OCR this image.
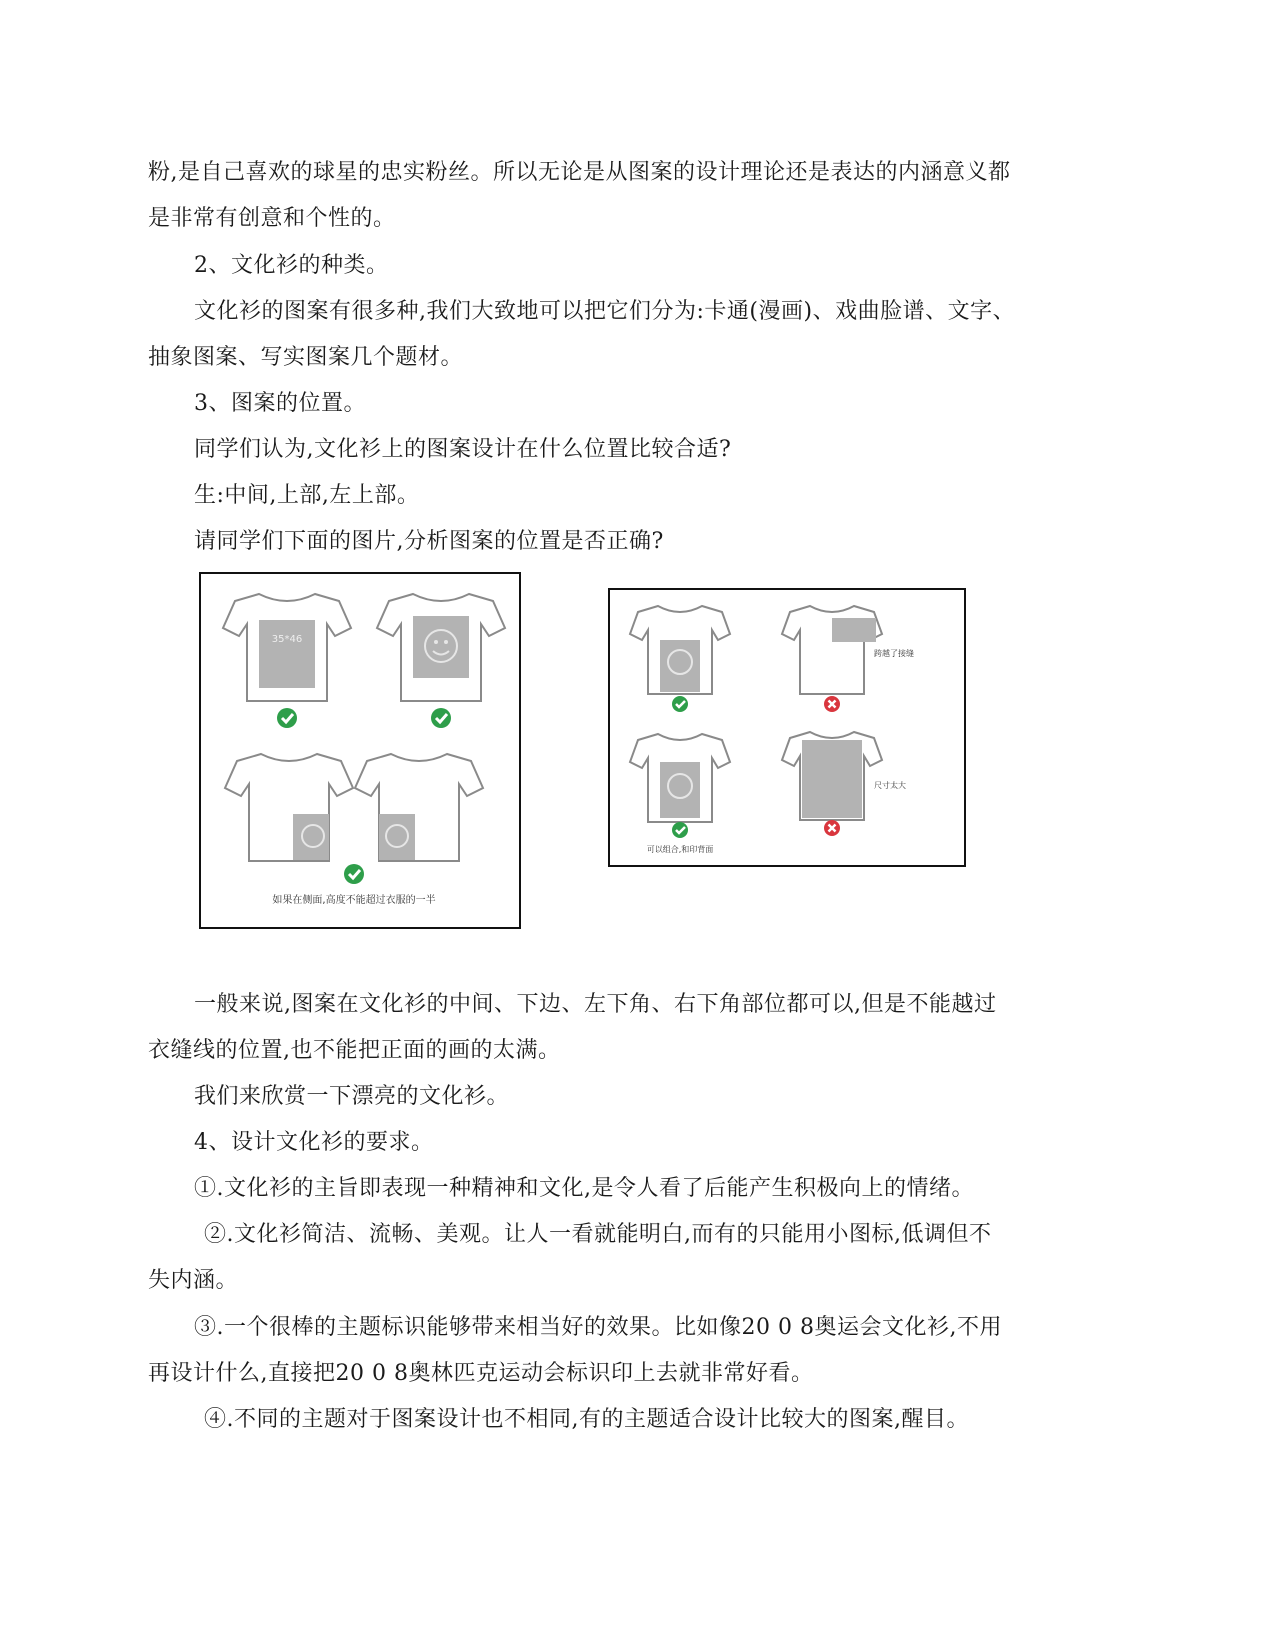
粉,是自己喜欢的球星的忠实粉丝。所以无论是从图案的设计理论还是表达的内涵意义都
是非常有创意和个性的。
2、文化衫的种类。
文化衫的图案有很多种,我们大致地可以把它们分为:卡通(漫画)、戏曲脸谱、文字、
抽象图案、写实图案几个题材。
3、图案的位置。
同学们认为,文化衫上的图案设计在什么位置比较合适?
生:中间,上部,左上部。
请同学们下面的图片,分析图案的位置是否正确?
35*46
如果在侧面,高度不能超过衣服的一半
跨越了接缝
可以组合,和印背面
尺寸太大
一般来说,图案在文化衫的中间、下边、左下角、右下角部位都可以,但是不能越过
衣缝线的位置,也不能把正面的画的太满。
我们来欣赏一下漂亮的文化衫。
4、设计文化衫的要求。
①.文化衫的主旨即表现一种精神和文化,是令人看了后能产生积极向上的情绪。
②.文化衫简洁、流畅、美观。让人一看就能明白,而有的只能用小图标,低调但不
失内涵。
③.一个很棒的主题标识能够带来相当好的效果。比如像20 0 8奥运会文化衫,不用
再设计什么,直接把20 0 8奥林匹克运动会标识印上去就非常好看。
④.不同的主题对于图案设计也不相同,有的主题适合设计比较大的图案,醒目。
